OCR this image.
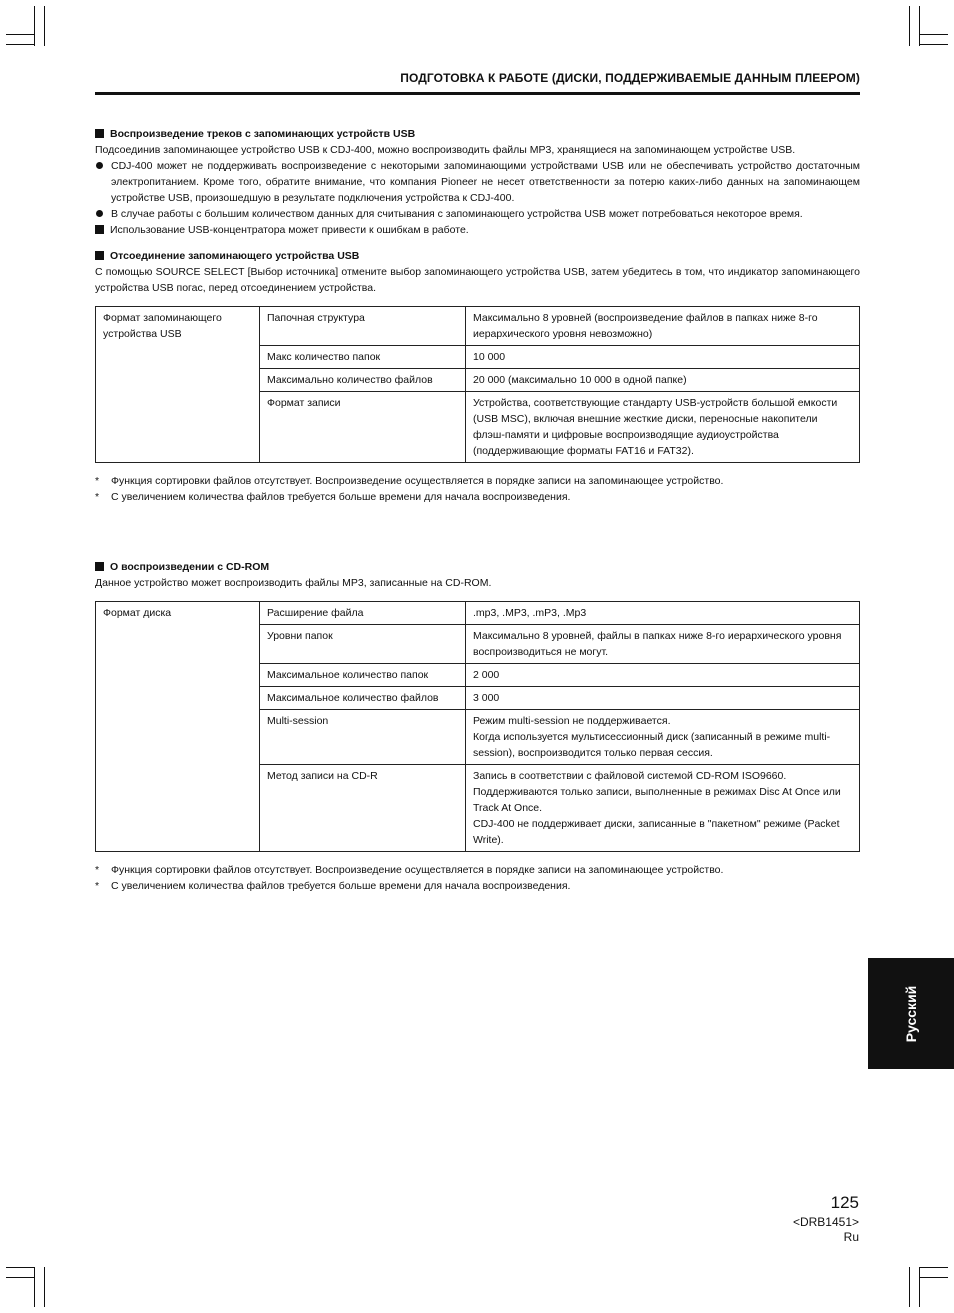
ПОДГОТОВКА К РАБОТЕ (ДИСКИ, ПОДДЕРЖИВАЕМЫЕ ДАННЫМ ПЛЕЕРОМ)
Воспроизведение треков с запоминающих устройств USB

Подсоединив запоминающее устройство USB к CDJ-400, можно воспроизводить файлы MP3, хранящиеся на запоминающем устройстве USB.

CDJ-400 может не поддерживать воспроизведение с некоторыми запоминающими устройствами USB или не обеспечивать устройство достаточным электропитанием. Кроме того, обратите внимание, что компания Pioneer не несет ответственности за потерю каких-либо данных на запоминающем устройстве USB, произошедшую в результате подключения устройства к CDJ-400.
В случае работы с большим количеством данных для считывания с запоминающего устройства USB может потребоваться некоторое время.
Использование USB-концентратора может привести к ошибкам в работе.
Отсоединение запоминающего устройства USB

С помощью SOURCE SELECT [Выбор источника] отмените выбор запоминающего устройства USB, затем убедитесь в том, что индикатор запоминающего устройства USB погас, перед отсоединением устройства.

Формат запоминающего устройства USB	Папочная структура	Максимально 8 уровней (воспроизведение файлов в папках ниже 8-го иерархического уровня невозможно)
	Макс количество папок	10 000
	Максимально количество файлов	20 000 (максимально 10 000 в одной папке)
	Формат записи	Устройства, соответствующие стандарту USB-устройств большой емкости (USB MSC), включая внешние жесткие диски, переносные накопители флэш-памяти и цифровые воспроизводящие аудиоустройства (поддерживающие форматы FAT16 и FAT32).
* Функция сортировки файлов отсутствует. Воспроизведение осуществляется в порядке записи на запоминающее устройство.
* С увеличением количества файлов требуется больше времени для начала воспроизведения.
О воспроизведении с CD-ROM

Данное устройство может воспроизводить файлы MP3, записанные на CD-ROM.

Формат диска	Расширение файла	.mp3, .MP3, .mP3, .Mp3
	Уровни папок	Максимально 8 уровней, файлы в папках ниже 8-го иерархического уровня воспроизводиться не могут.
	Максимальное количество папок	2 000
	Максимальное количество файлов	3 000
	Multi-session	Режим multi-session не поддерживается.
Когда используется мультисессионный диск (записанный в режиме multi-session), воспроизводится только первая сессия.
	Метод записи на CD-R	Запись в соответствии с файловой системой CD-ROM ISO9660.
Поддерживаются только записи, выполненные в режимах Disc At Once или Track At Once.
CDJ-400 не поддерживает диски, записанные в "пакетном" режиме (Packet Write).
* Функция сортировки файлов отсутствует. Воспроизведение осуществляется в порядке записи на запоминающее устройство.
* С увеличением количества файлов требуется больше времени для начала воспроизведения.
Русский
125
<DRB1451>
Ru
